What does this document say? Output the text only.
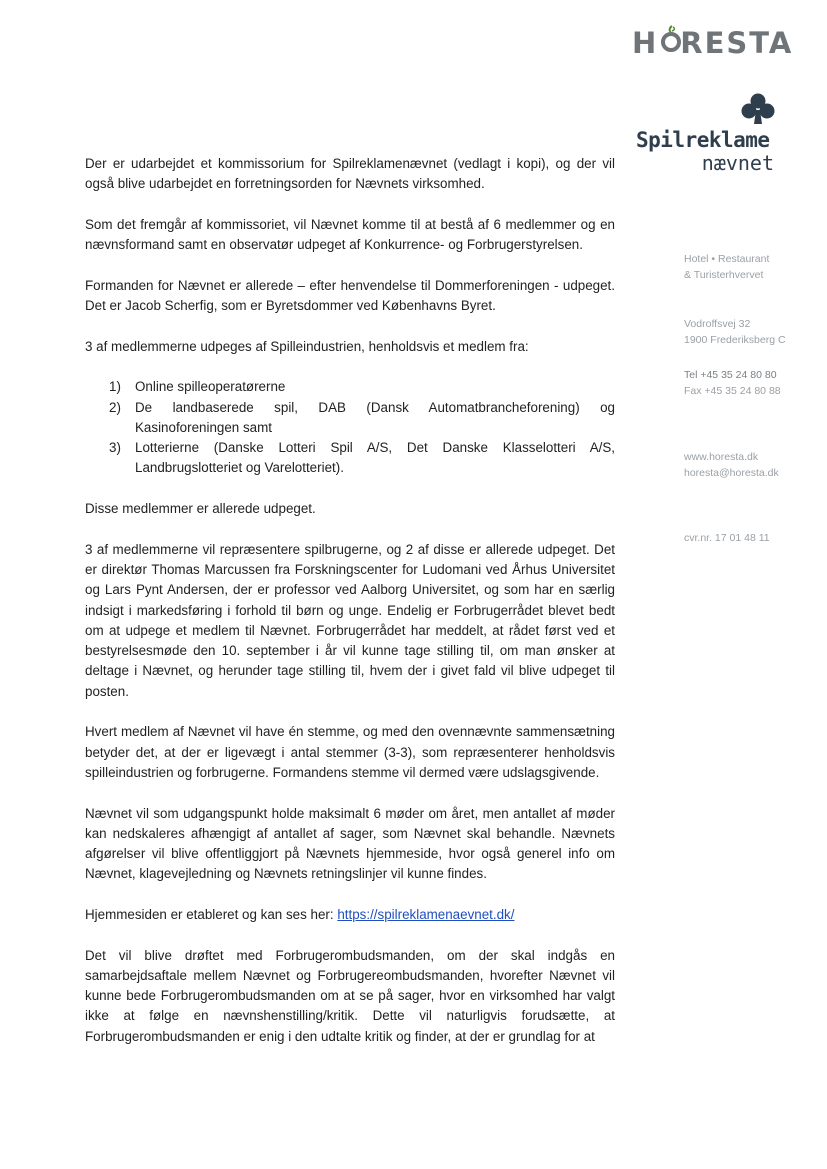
H RESTA
Spilreklame
nævnet
Hotel • Restaurant
& Turisterhvervet
Vodroffsvej 32
1900 Frederiksberg C
Tel +45 35 24 80 80
Fax +45 35 24 80 88
www.horesta.dk
horesta@horesta.dk
cvr.nr. 17 01 48 11

Der er udarbejdet et kommissorium for Spilreklamenævnet (vedlagt i kopi), og der vil også blive udarbejdet en forretningsorden for Nævnets virksomhed.

Som det fremgår af kommissoriet, vil Nævnet komme til at bestå af 6 medlemmer og en nævnsformand samt en observatør udpeget af Konkurrence- og Forbrugerstyrelsen.

Formanden for Nævnet er allerede – efter henvendelse til Dommerforeningen - udpeget. Det er Jacob Scherfig, som er Byretsdommer ved Københavns Byret.

3 af medlemmerne udpeges af Spilleindustrien, henholdsvis et medlem fra:

1) Online spilleoperatørerne
2) De landbaserede spil, DAB (Dansk Automatbrancheforening) og Kasinoforeningen samt
3) Lotterierne (Danske Lotteri Spil A/S, Det Danske Klasselotteri A/S, Landbrugslotteriet og Varelotteriet).

Disse medlemmer er allerede udpeget.

3 af medlemmerne vil repræsentere spilbrugerne, og 2 af disse er allerede udpeget. Det er direktør Thomas Marcussen fra Forskningscenter for Ludomani ved Århus Universitet og Lars Pynt Andersen, der er professor ved Aalborg Universitet, og som har en særlig indsigt i markedsføring i forhold til børn og unge. Endelig er Forbrugerrådet blevet bedt om at udpege et medlem til Nævnet. Forbrugerrådet har meddelt, at rådet først ved et bestyrelsesmøde den 10. september i år vil kunne tage stilling til, om man ønsker at deltage i Nævnet, og herunder tage stilling til, hvem der i givet fald vil blive udpeget til posten.

Hvert medlem af Nævnet vil have én stemme, og med den ovennævnte sammensætning betyder det, at der er ligevægt i antal stemmer (3-3), som repræsenterer henholdsvis spilleindustrien og forbrugerne. Formandens stemme vil dermed være udslagsgivende.

Nævnet vil som udgangspunkt holde maksimalt 6 møder om året, men antallet af møder kan nedskaleres afhængigt af antallet af sager, som Nævnet skal behandle. Nævnets afgørelser vil blive offentliggjort på Nævnets hjemmeside, hvor også generel info om Nævnet, klagevejledning og Nævnets retningslinjer vil kunne findes.

Hjemmesiden er etableret og kan ses her: https://spilreklamenaevnet.dk/

Det vil blive drøftet med Forbrugerombudsmanden, om der skal indgås en samarbejdsaftale mellem Nævnet og Forbrugereombudsmanden, hvorefter Nævnet vil kunne bede Forbrugerombudsmanden om at se på sager, hvor en virksomhed har valgt ikke at følge en nævnshenstilling/kritik. Dette vil naturligvis forudsætte, at Forbrugerombudsmanden er enig i den udtalte kritik og finder, at der er grundlag for at
